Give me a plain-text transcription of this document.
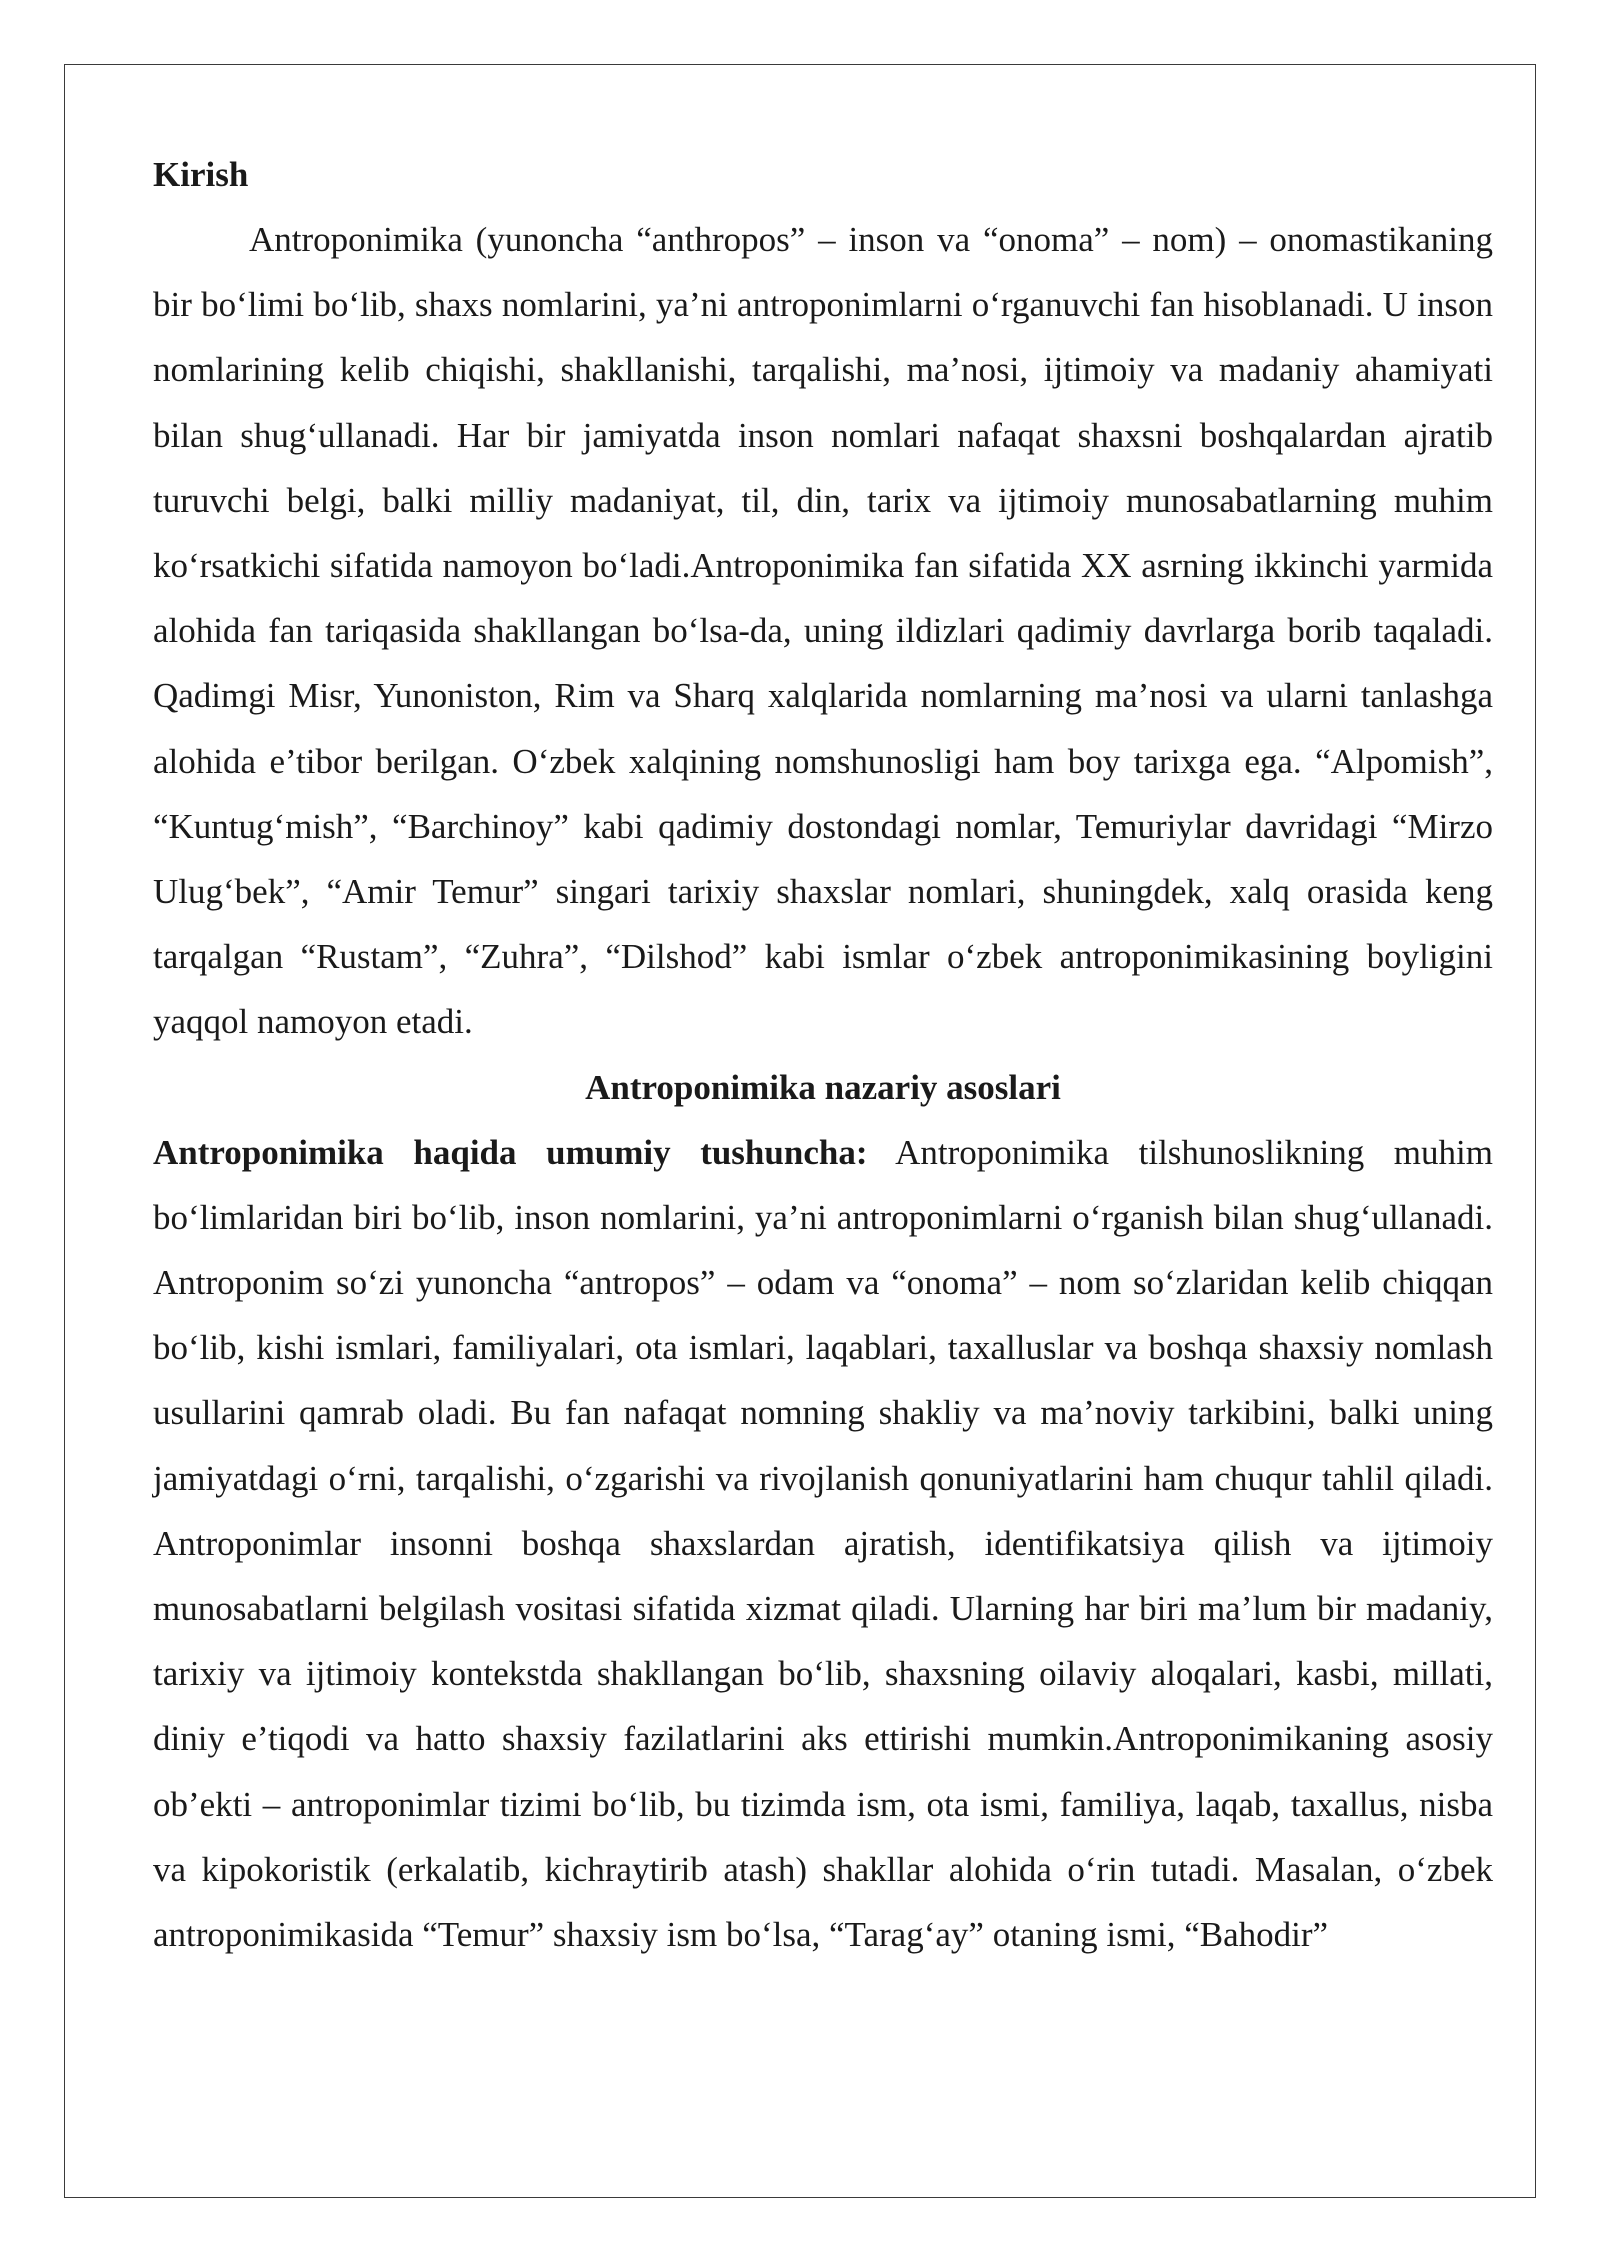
Kirish

Antroponimika (yunoncha “anthropos” – inson va “onoma” – nom) – onomastikaning bir bo‘limi bo‘lib, shaxs nomlarini, ya’ni antroponimlarni o‘rganuvchi fan hisoblanadi. U inson nomlarining kelib chiqishi, shakllanishi, tarqalishi, ma’nosi, ijtimoiy va madaniy ahamiyati bilan shug‘ullanadi. Har bir jamiyatda inson nomlari nafaqat shaxsni boshqalardan ajratib turuvchi belgi, balki milliy madaniyat, til, din, tarix va ijtimoiy munosabatlarning muhim ko‘rsatkichi sifatida namoyon bo‘ladi.Antroponimika fan sifatida XX asrning ikkinchi yarmida alohida fan tariqasida shakllangan bo‘lsa-da, uning ildizlari qadimiy davrlarga borib taqaladi. Qadimgi Misr, Yunoniston, Rim va Sharq xalqlarida nomlarning ma’nosi va ularni tanlashga alohida e’tibor berilgan. O‘zbek xalqining nomshunosligi ham boy tarixga ega. “Alpomish”, “Kuntug‘mish”, “Barchinoy” kabi qadimiy dostondagi nomlar, Temuriylar davridagi “Mirzo Ulug‘bek”, “Amir Temur” singari tarixiy shaxslar nomlari, shuningdek, xalq orasida keng tarqalgan “Rustam”, “Zuhra”, “Dilshod” kabi ismlar o‘zbek antroponimikasining boyligini yaqqol namoyon etadi.

Antroponimika nazariy asoslari

Antroponimika haqida umumiy tushuncha: Antroponimika tilshunoslikning muhim bo‘limlaridan biri bo‘lib, inson nomlarini, ya’ni antroponimlarni o‘rganish bilan shug‘ullanadi. Antroponim so‘zi yunoncha “antropos” – odam va “onoma” – nom so‘zlaridan kelib chiqqan bo‘lib, kishi ismlari, familiyalari, ota ismlari, laqablari, taxalluslar va boshqa shaxsiy nomlash usullarini qamrab oladi. Bu fan nafaqat nomning shakliy va ma’noviy tarkibini, balki uning jamiyatdagi o‘rni, tarqalishi, o‘zgarishi va rivojlanish qonuniyatlarini ham chuqur tahlil qiladi. Antroponimlar insonni boshqa shaxslardan ajratish, identifikatsiya qilish va ijtimoiy munosabatlarni belgilash vositasi sifatida xizmat qiladi. Ularning har biri ma’lum bir madaniy, tarixiy va ijtimoiy kontekstda shakllangan bo‘lib, shaxsning oilaviy aloqalari, kasbi, millati, diniy e’tiqodi va hatto shaxsiy fazilatlarini aks ettirishi mumkin.Antroponimikaning asosiy ob’ekti – antroponimlar tizimi bo‘lib, bu tizimda ism, ota ismi, familiya, laqab, taxallus, nisba va kipokoristik (erkalatib, kichraytirib atash) shakllar alohida o‘rin tutadi. Masalan, o‘zbek antroponimikasida “Temur” shaxsiy ism bo‘lsa, “Tarag‘ay” otaning ismi, “Bahodir”
